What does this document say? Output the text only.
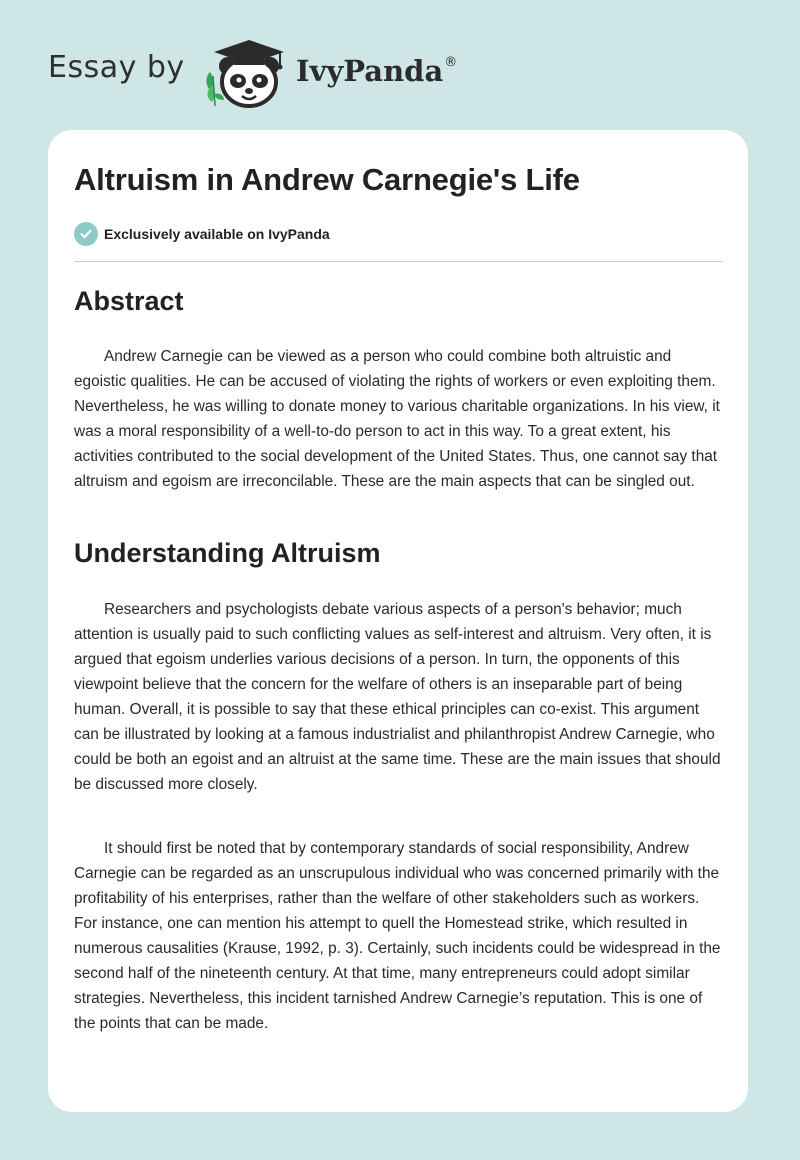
Essay by	IvyPanda®
Altruism in Andrew Carnegie's Life
Exclusively available on IvyPanda
Abstract

Andrew Carnegie can be viewed as a person who could combine both altruistic and egoistic qualities. He can be accused of violating the rights of workers or even exploiting them. Nevertheless, he was willing to donate money to various charitable organizations. In his view, it was a moral responsibility of a well-to-do person to act in this way. To a great extent, his activities contributed to the social development of the United States. Thus, one cannot say that altruism and egoism are irreconcilable. These are the main aspects that can be singled out.

Understanding Altruism

Researchers and psychologists debate various aspects of a person's behavior; much attention is usually paid to such conflicting values as self-interest and altruism. Very often, it is argued that egoism underlies various decisions of a person. In turn, the opponents of this viewpoint believe that the concern for the welfare of others is an inseparable part of being human. Overall, it is possible to say that these ethical principles can co-exist. This argument can be illustrated by looking at a famous industrialist and philanthropist Andrew Carnegie, who could be both an egoist and an altruist at the same time. These are the main issues that should be discussed more closely.

It should first be noted that by contemporary standards of social responsibility, Andrew Carnegie can be regarded as an unscrupulous individual who was concerned primarily with the profitability of his enterprises, rather than the welfare of other stakeholders such as workers. For instance, one can mention his attempt to quell the Homestead strike, which resulted in numerous causalities (Krause, 1992, p. 3). Certainly, such incidents could be widespread in the second half of the nineteenth century. At that time, many entrepreneurs could adopt similar strategies. Nevertheless, this incident tarnished Andrew Carnegie’s reputation. This is one of the points that can be made.
